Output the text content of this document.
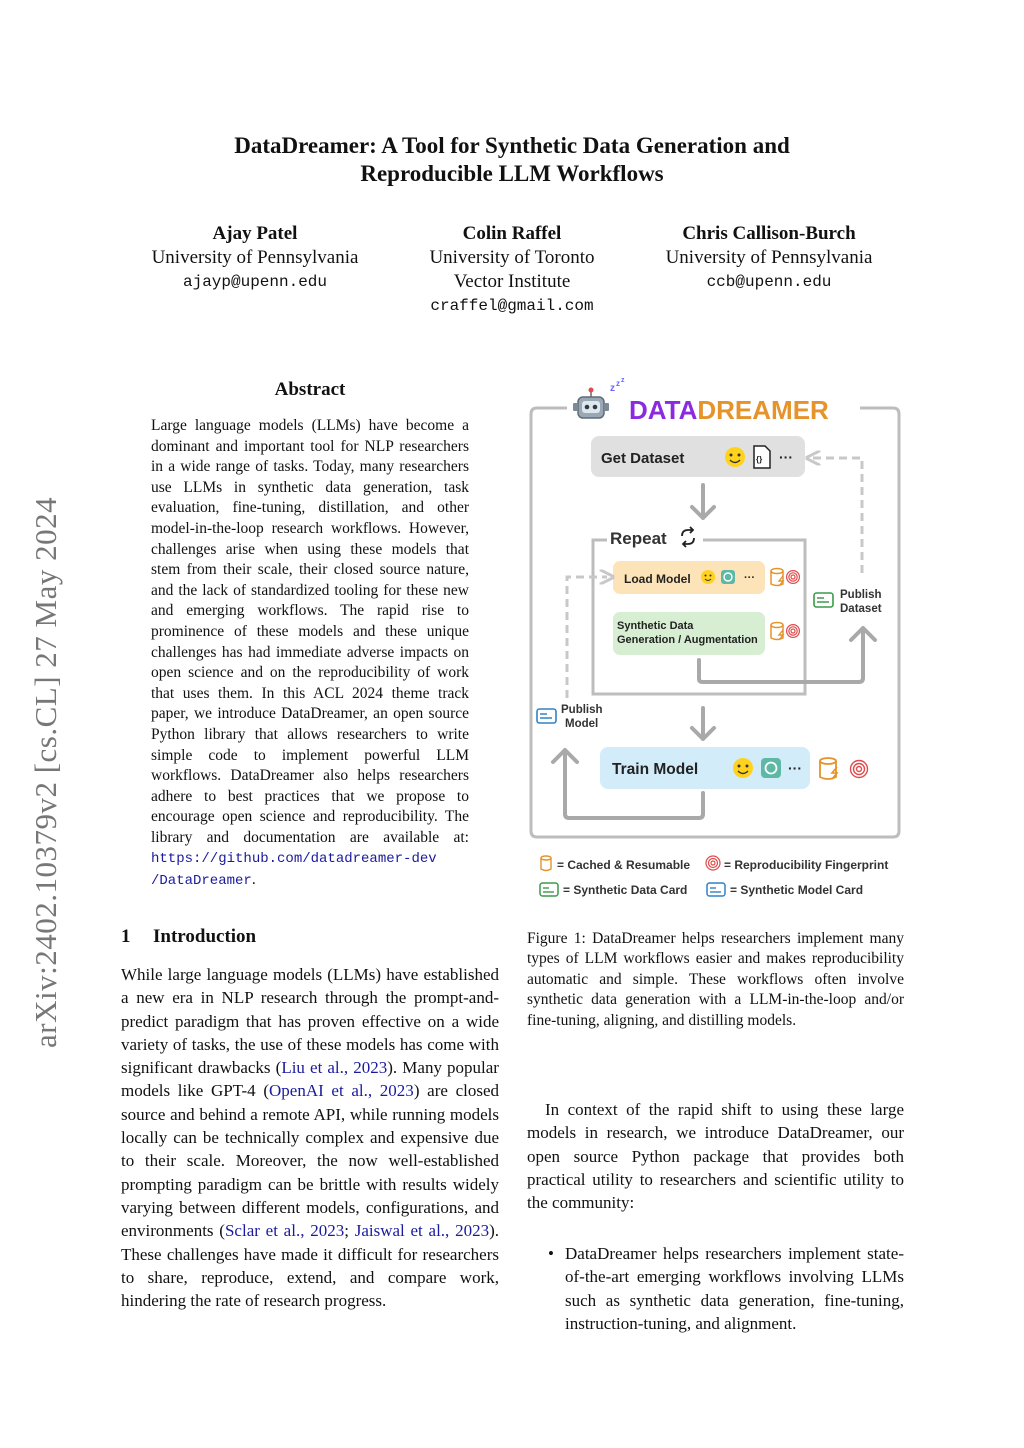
DataDreamer: A Tool for Synthetic Data Generation and
Reproducible LLM Workflows
Ajay Patel
University of Pennsylvania
ajayp@upenn.edu
Colin Raffel
University of Toronto
Vector Institute
craffel@gmail.com
Chris Callison-Burch
University of Pennsylvania
ccb@upenn.edu
arXiv:2402.10379v2 [cs.CL] 27 May 2024
Abstract
Large language models (LLMs) have become a dominant and important tool for NLP researchers in a wide range of tasks. Today, many researchers use LLMs in synthetic data generation, task evaluation, fine-tuning, distillation, and other model-in-the-loop research workflows. However, challenges arise when using these models that stem from their scale, their closed source nature, and the lack of standardized tooling for these new and emerging workflows. The rapid rise to prominence of these models and these unique challenges has had immediate adverse impacts on open science and on the reproducibility of work that uses them. In this ACL 2024 theme track paper, we introduce DataDreamer, an open source Python library that allows researchers to write simple code to implement powerful LLM workflows. DataDreamer also helps researchers adhere to best practices that we propose to encourage open science and reproducibility. The library and documentation are available at: https://github.com/datadreamer-dev
/DataDreamer.
1 Introduction
While large language models (LLMs) have established a new era in NLP research through the prompt-and-predict paradigm that has proven effective on a wide variety of tasks, the use of these models has come with significant drawbacks (Liu et al., 2023). Many popular models like GPT-4 (OpenAI et al., 2023) are closed source and behind a remote API, while running models locally can be technically complex and expensive due to their scale. Moreover, the now well-established prompting paradigm can be brittle with results widely varying between different models, configurations, and environments (Sclar et al., 2023; Jaiswal et al., 2023). These challenges have made it difficult for researchers to share, reproduce, extend, and compare work, hindering the rate of research progress.
z z z
DATADREAMER
Get Dataset	{} ···
Repeat
Load Model	···
Synthetic Data
Generation / Augmentation
Publish
Dataset
Publish
Model
Train Model	···
= Cached & Resumable	= Reproducibility Fingerprint
= Synthetic Data Card	= Synthetic Model Card
Figure 1: DataDreamer helps researchers implement many types of LLM workflows easier and makes reproducibility automatic and simple. These workflows often involve synthetic data generation with a LLM-in-the-loop and/or fine-tuning, aligning, and distilling models.
In context of the rapid shift to using these large models in research, we introduce DataDreamer, our open source Python package that provides both practical utility to researchers and scientific utility to the community:
• DataDreamer helps researchers implement state-of-the-art emerging workflows involving LLMs such as synthetic data generation, fine-tuning, instruction-tuning, and alignment.
